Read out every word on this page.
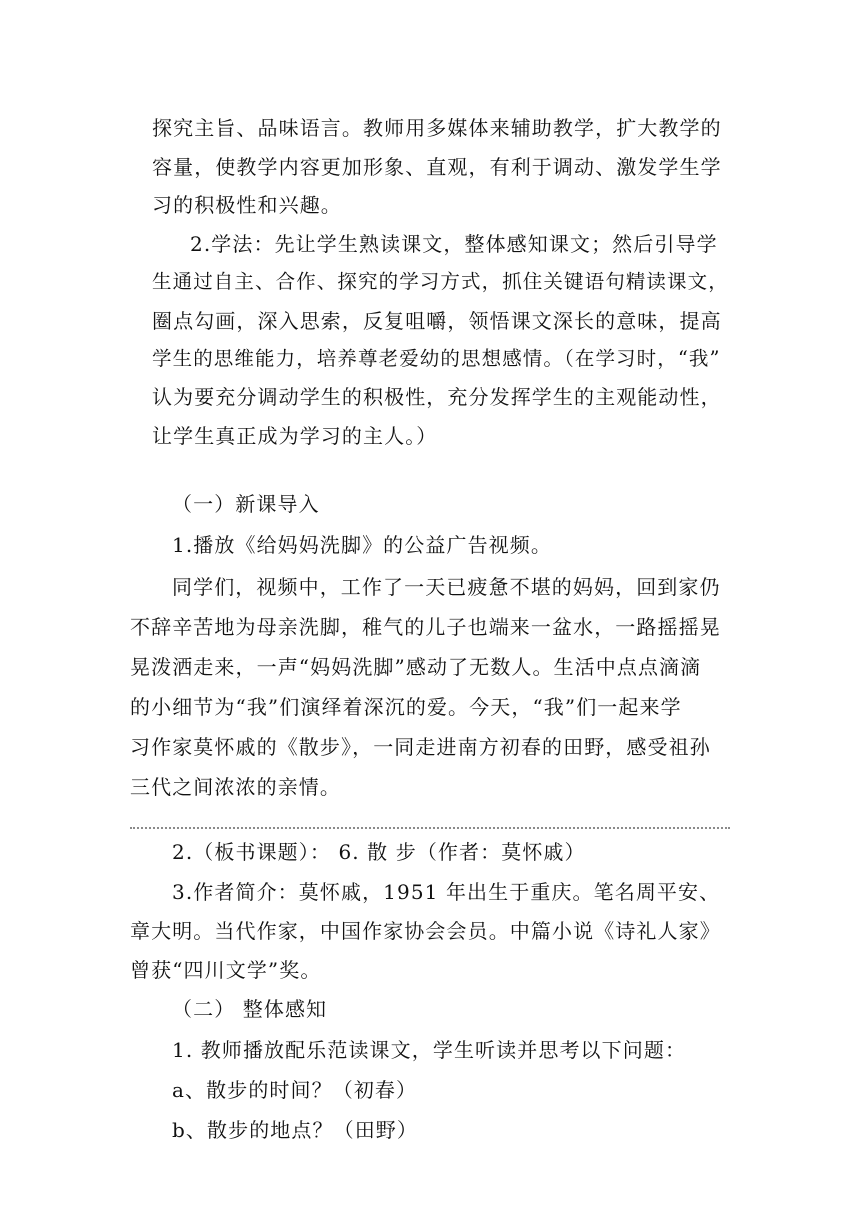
探究主旨、品味语言。教师用多媒体来辅助教学，扩大教学的
容量，使教学内容更加形象、直观，有利于调动、激发学生学
习的积极性和兴趣。
2.学法：先让学生熟读课文，整体感知课文；然后引导学
生通过自主、合作、探究的学习方式，抓住关键语句精读课文，
圈点勾画，深入思索，反复咀嚼，领悟课文深长的意味，提高
学生的思维能力，培养尊老爱幼的思想感情。（在学习时，“我”
认为要充分调动学生的积极性，充分发挥学生的主观能动性，
让学生真正成为学习的主人。）
（一）新课导入
1.播放《给妈妈洗脚》的公益广告视频。
同学们，视频中，工作了一天已疲惫不堪的妈妈，回到家仍
不辞辛苦地为母亲洗脚，稚气的儿子也端来一盆水，一路摇摇晃
晃泼洒走来，一声“妈妈洗脚”感动了无数人。生活中点点滴滴
的小细节为“我”们演绎着深沉的爱。今天，“我”们一起来学
习作家莫怀戚的《散步》，一同走进南方初春的田野，感受祖孙
三代之间浓浓的亲情。
2.（板书课题）： 6. 散 步（作者：莫怀戚）
3.作者简介：莫怀戚，1951 年出生于重庆。笔名周平安、
章大明。当代作家，中国作家协会会员。中篇小说《诗礼人家》
曾获“四川文学”奖。
（二） 整体感知
1. 教师播放配乐范读课文，学生听读并思考以下问题：
a、散步的时间？（初春）
b、散步的地点？（田野）
